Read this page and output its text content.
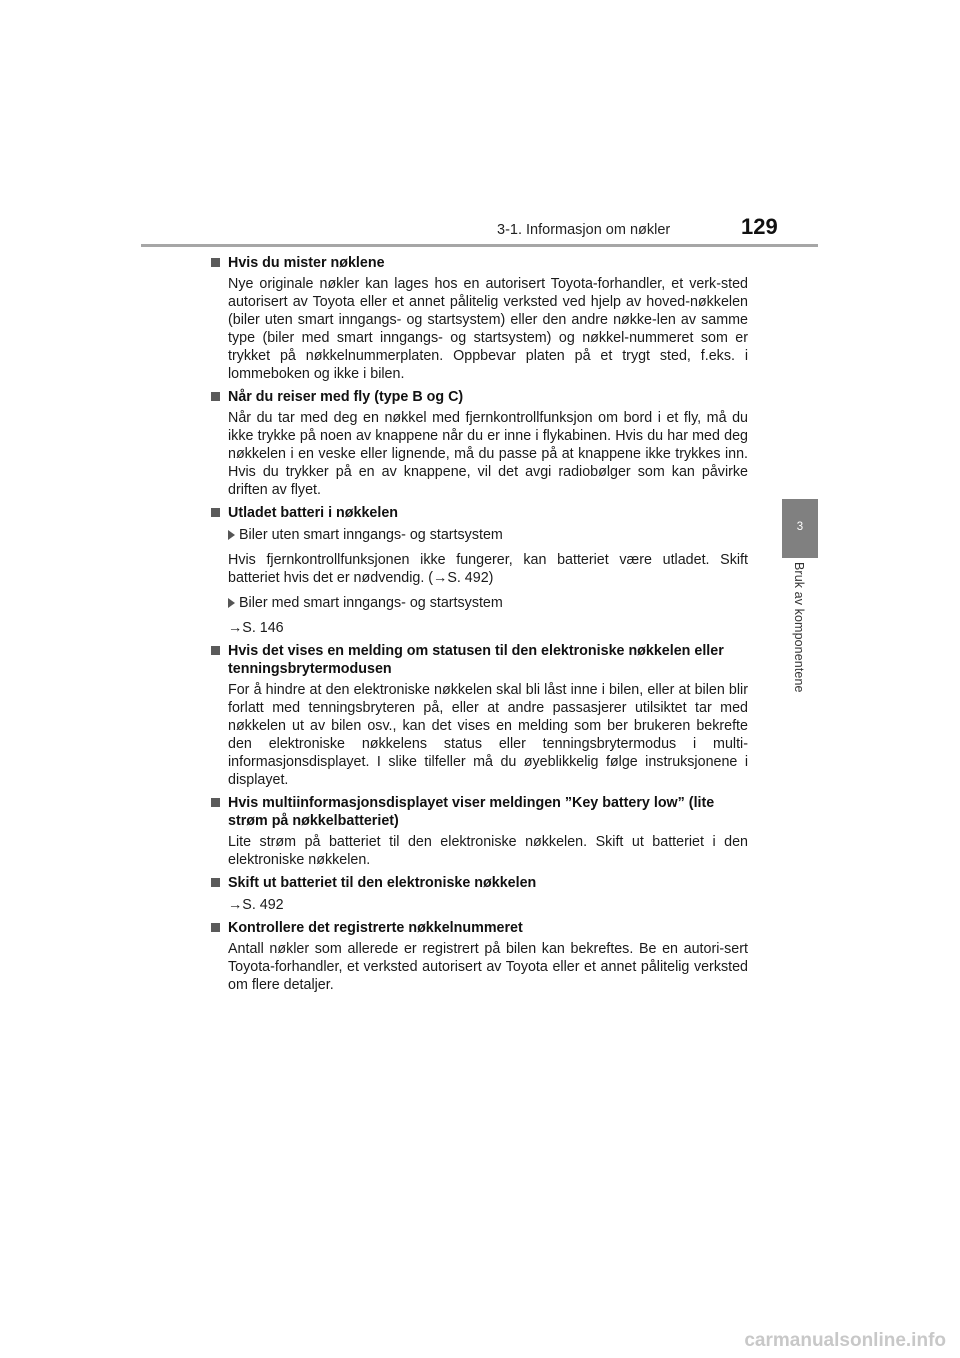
3-1. Informasjon om nøkler	129
3
Bruk av komponentene
Hvis du mister nøklene
Nye originale nøkler kan lages hos en autorisert Toyota-forhandler, et verk-sted autorisert av Toyota eller et annet pålitelig verksted ved hjelp av hoved-nøkkelen (biler uten smart inngangs- og startsystem) eller den andre nøkke-len av samme type (biler med smart inngangs- og startsystem) og nøkkel-nummeret som er trykket på nøkkelnummerplaten. Oppbevar platen på et trygt sted, f.eks. i lommeboken og ikke i bilen.
Når du reiser med fly (type B og C)
Når du tar med deg en nøkkel med fjernkontrollfunksjon om bord i et fly, må du ikke trykke på noen av knappene når du er inne i flykabinen. Hvis du har med deg nøkkelen i en veske eller lignende, må du passe på at knappene ikke trykkes inn. Hvis du trykker på en av knappene, vil det avgi radiobølger som kan påvirke driften av flyet.
Utladet batteri i nøkkelen
Biler uten smart inngangs- og startsystem
Hvis fjernkontrollfunksjonen ikke fungerer, kan batteriet være utladet. Skift batteriet hvis det er nødvendig. (→S. 492)
Biler med smart inngangs- og startsystem
→S. 146
Hvis det vises en melding om statusen til den elektroniske nøkkelen eller tenningsbrytermodusen
For å hindre at den elektroniske nøkkelen skal bli låst inne i bilen, eller at bilen blir forlatt med tenningsbryteren på, eller at andre passasjerer utilsiktet tar med nøkkelen ut av bilen osv., kan det vises en melding som ber brukeren bekrefte den elektroniske nøkkelens status eller tenningsbrytermodus i multi-informasjonsdisplayet. I slike tilfeller må du øyeblikkelig følge instruksjonene i displayet.
Hvis multiinformasjonsdisplayet viser meldingen ”Key battery low” (lite strøm på nøkkelbatteriet)
Lite strøm på batteriet til den elektroniske nøkkelen. Skift ut batteriet i den elektroniske nøkkelen.
Skift ut batteriet til den elektroniske nøkkelen
→S. 492
Kontrollere det registrerte nøkkelnummeret
Antall nøkler som allerede er registrert på bilen kan bekreftes. Be en autori-sert Toyota-forhandler, et verksted autorisert av Toyota eller et annet pålitelig verksted om flere detaljer.
carmanualsonline.info
